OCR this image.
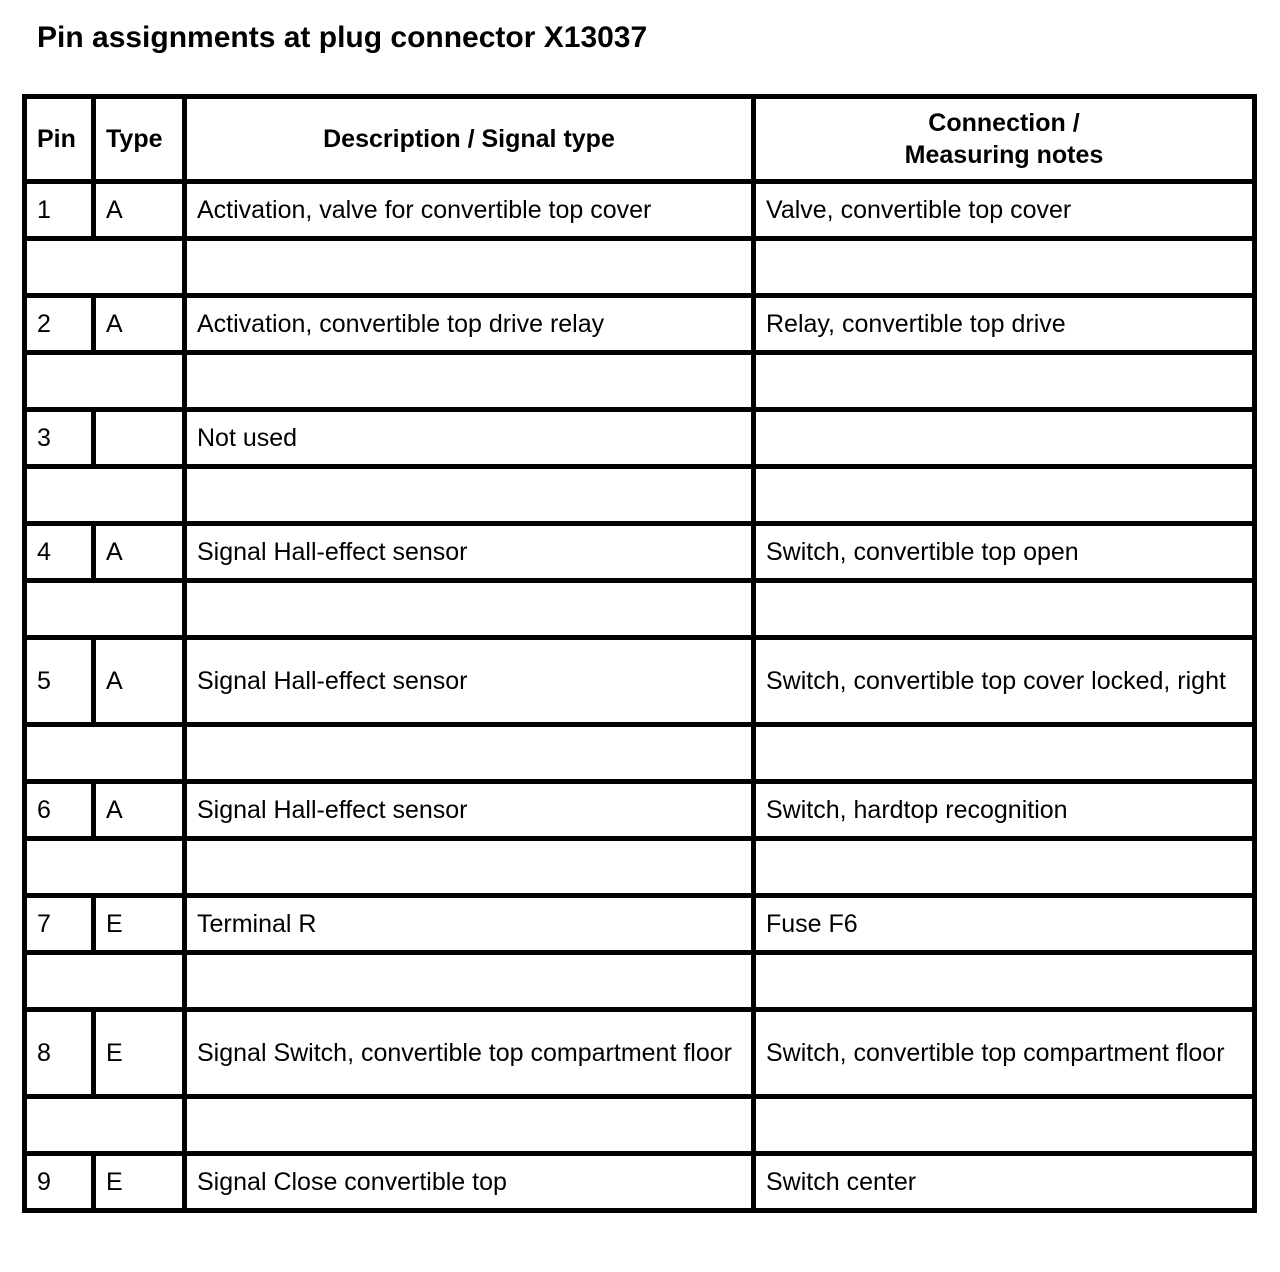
Pin assignments at plug connector X13037
Pin	Type	Description / Signal type	Connection /
Measuring notes
1	A	Activation, valve for convertible top cover	Valve, convertible top cover

2	A	Activation, convertible top drive relay	Relay, convertible top drive

3		Not used	

4	A	Signal Hall-effect sensor	Switch, convertible top open

5	A	Signal Hall-effect sensor	Switch, convertible top cover locked, right

6	A	Signal Hall-effect sensor	Switch, hardtop recognition

7	E	Terminal R	Fuse F6

8	E	Signal Switch, convertible top compartment floor	Switch, convertible top compartment floor

9	E	Signal Close convertible top	Switch center
